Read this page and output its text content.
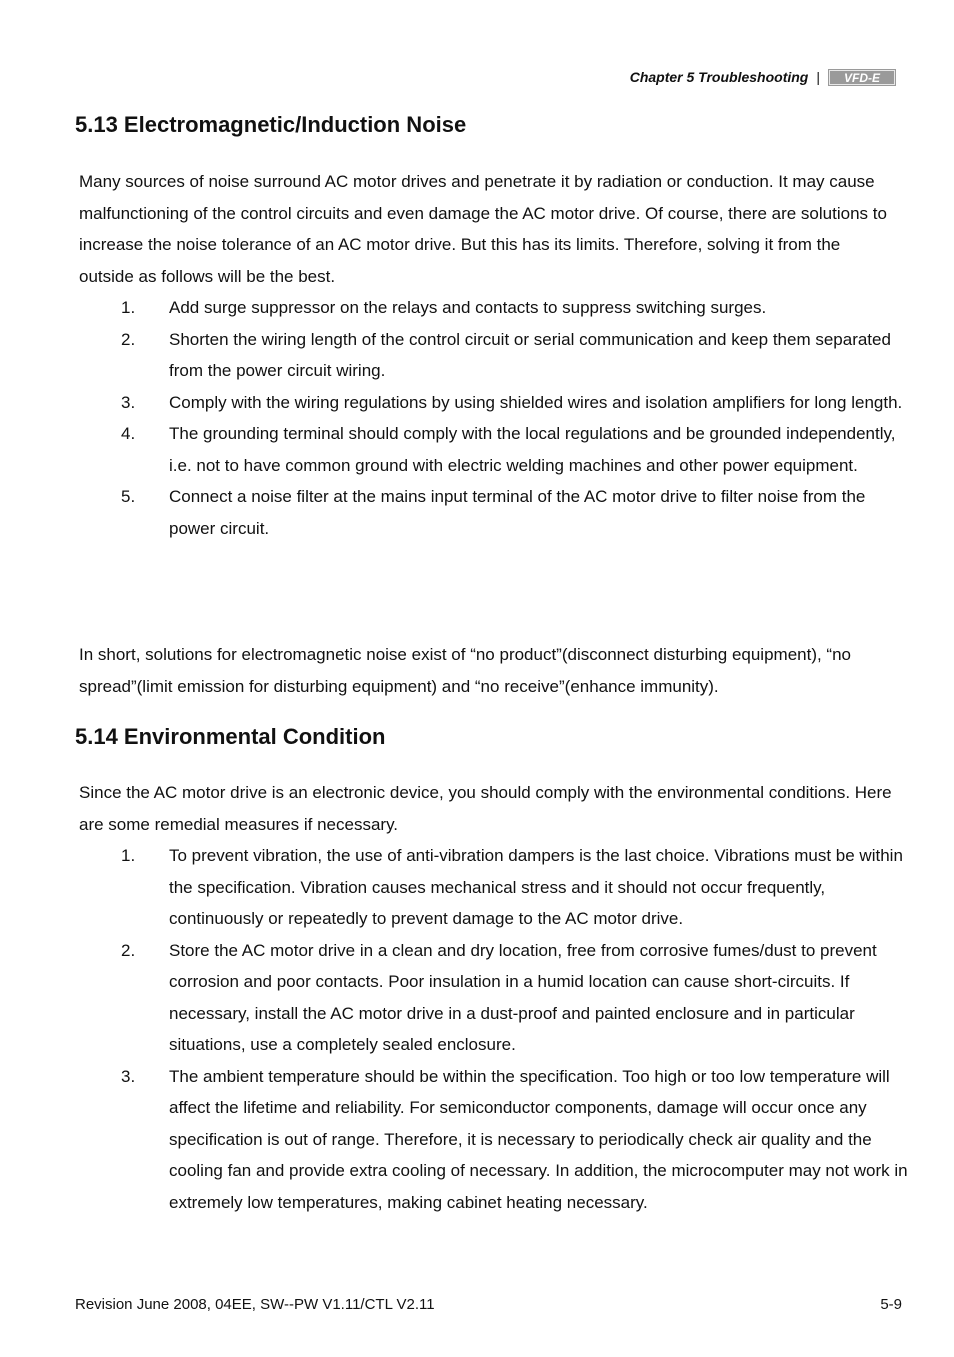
Chapter 5 Troubleshooting | VFD-E
5.13 Electromagnetic/Induction Noise

Many sources of noise surround AC motor drives and penetrate it by radiation or conduction. It may cause malfunctioning of the control circuits and even damage the AC motor drive. Of course, there are solutions to increase the noise tolerance of an AC motor drive. But this has its limits. Therefore, solving it from the outside as follows will be the best.

1.	Add surge suppressor on the relays and contacts to suppress switching surges.
2.	Shorten the wiring length of the control circuit or serial communication and keep them separated from the power circuit wiring.
3.	Comply with the wiring regulations by using shielded wires and isolation amplifiers for long length.
4.	The grounding terminal should comply with the local regulations and be grounded independently, i.e. not to have common ground with electric welding machines and other power equipment.
5.	Connect a noise filter at the mains input terminal of the AC motor drive to filter noise from the power circuit.

In short, solutions for electromagnetic noise exist of “no product”(disconnect disturbing equipment), “no spread”(limit emission for disturbing equipment) and “no receive”(enhance immunity).

5.14 Environmental Condition

Since the AC motor drive is an electronic device, you should comply with the environmental conditions. Here are some remedial measures if necessary.

1.	To prevent vibration, the use of anti-vibration dampers is the last choice. Vibrations must be within the specification. Vibration causes mechanical stress and it should not occur frequently, continuously or repeatedly to prevent damage to the AC motor drive.
2.	Store the AC motor drive in a clean and dry location, free from corrosive fumes/dust to prevent corrosion and poor contacts. Poor insulation in a humid location can cause short-circuits. If necessary, install the AC motor drive in a dust-proof and painted enclosure and in particular situations, use a completely sealed enclosure.
3.	The ambient temperature should be within the specification. Too high or too low temperature will affect the lifetime and reliability. For semiconductor components, damage will occur once any specification is out of range. Therefore, it is necessary to periodically check air quality and the cooling fan and provide extra cooling of necessary. In addition, the microcomputer may not work in extremely low temperatures, making cabinet heating necessary.
Revision June 2008, 04EE, SW--PW V1.11/CTL V2.11	5-9
